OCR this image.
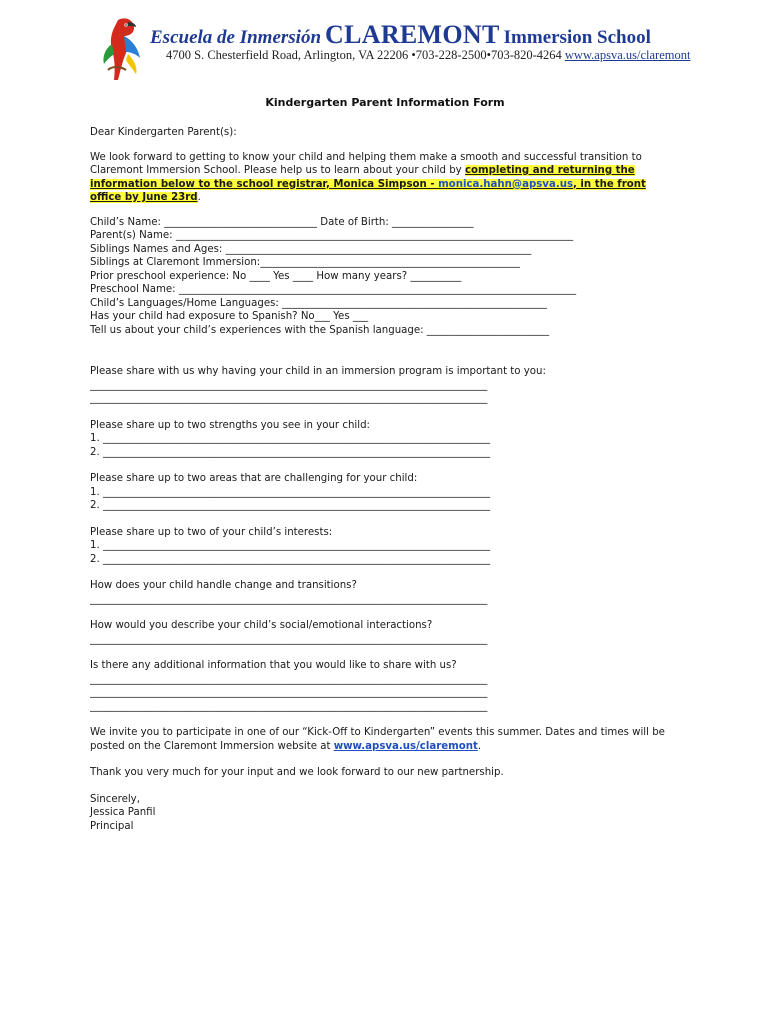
Escuela de Inmersión CLAREMONT Immersion School
4700 S. Chesterfield Road, Arlington, VA 22206 •703-228-2500•703-820-4264 www.apsva.us/claremont
Kindergarten Parent Information Form

Dear Kindergarten Parent(s):

We look forward to getting to know your child and helping them make a smooth and successful transition to Claremont Immersion School. Please help us to learn about your child by completing and returning the information below to the school registrar, Monica Simpson - monica.hahn@apsva.us, in the front office by June 23rd.

Child’s Name: ______________________________ Date of Birth: ________________
Parent(s) Name: ______________________________________________________________________________
Siblings Names and Ages: ____________________________________________________________
Siblings at Claremont Immersion:___________________________________________________
Prior preschool experience: No ____ Yes ____ How many years? __________
Preschool Name: ______________________________________________________________________________
Child’s Languages/Home Languages: ____________________________________________________
Has your child had exposure to Spanish? No___ Yes ___
Tell us about your child’s experiences with the Spanish language: ________________________

Please share with us why having your child in an immersion program is important to you:

______________________________________________________________________________
______________________________________________________________________________

Please share up to two strengths you see in your child:

1. ____________________________________________________________________________
2. ____________________________________________________________________________

Please share up to two areas that are challenging for your child:

1. ____________________________________________________________________________
2. ____________________________________________________________________________

Please share up to two of your child’s interests:

1. ____________________________________________________________________________
2. ____________________________________________________________________________

How does your child handle change and transitions?

______________________________________________________________________________

How would you describe your child’s social/emotional interactions?

______________________________________________________________________________

Is there any additional information that you would like to share with us?

______________________________________________________________________________
______________________________________________________________________________
______________________________________________________________________________

We invite you to participate in one of our “Kick-Off to Kindergarten” events this summer. Dates and times will be posted on the Claremont Immersion website at www.apsva.us/claremont.

Thank you very much for your input and we look forward to our new partnership.

Sincerely,

Jessica Panfil

Principal
